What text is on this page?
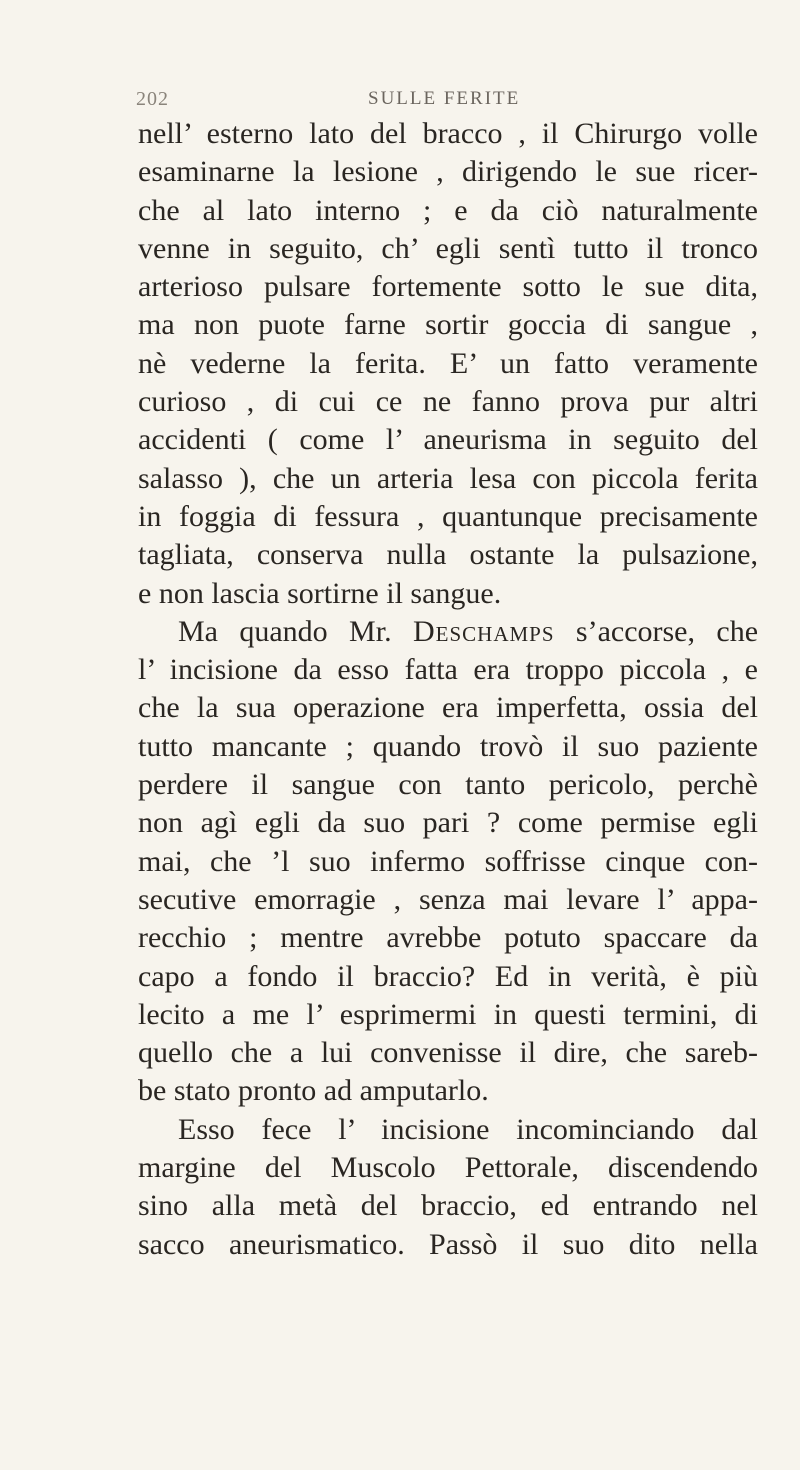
202	SULLE FERITE
nell’ esterno lato del bracco , il Chirurgo volle
esaminarne la lesione , dirigendo le sue ricer-
che al lato interno ; e da ciò naturalmente
venne in seguito, ch’ egli sentì tutto il tronco
arterioso pulsare fortemente sotto le sue dita,
ma non puote farne sortir goccia di sangue ,
nè vederne la ferita. E’ un fatto veramente
curioso , di cui ce ne fanno prova pur altri
accidenti ( come l’ aneurisma in seguito del
salasso ), che un arteria lesa con piccola ferita
in foggia di fessura , quantunque precisamente
tagliata, conserva nulla ostante la pulsazione,
e non lascia sortirne il sangue.
Ma quando Mr. Deschamps s’accorse, che
l’ incisione da esso fatta era troppo piccola , e
che la sua operazione era imperfetta, ossia del
tutto mancante ; quando trovò il suo paziente
perdere il sangue con tanto pericolo, perchè
non agì egli da suo pari ? come permise egli
mai, che ’l suo infermo soffrisse cinque con-
secutive emorragie , senza mai levare l’ appa-
recchio ; mentre avrebbe potuto spaccare da
capo a fondo il braccio? Ed in verità, è più
lecito a me l’ esprimermi in questi termini, di
quello che a lui convenisse il dire, che sareb-
be stato pronto ad amputarlo.
Esso fece l’ incisione incominciando dal
margine del Muscolo Pettorale, discendendo
sino alla metà del braccio, ed entrando nel
sacco aneurismatico. Passò il suo dito nella
